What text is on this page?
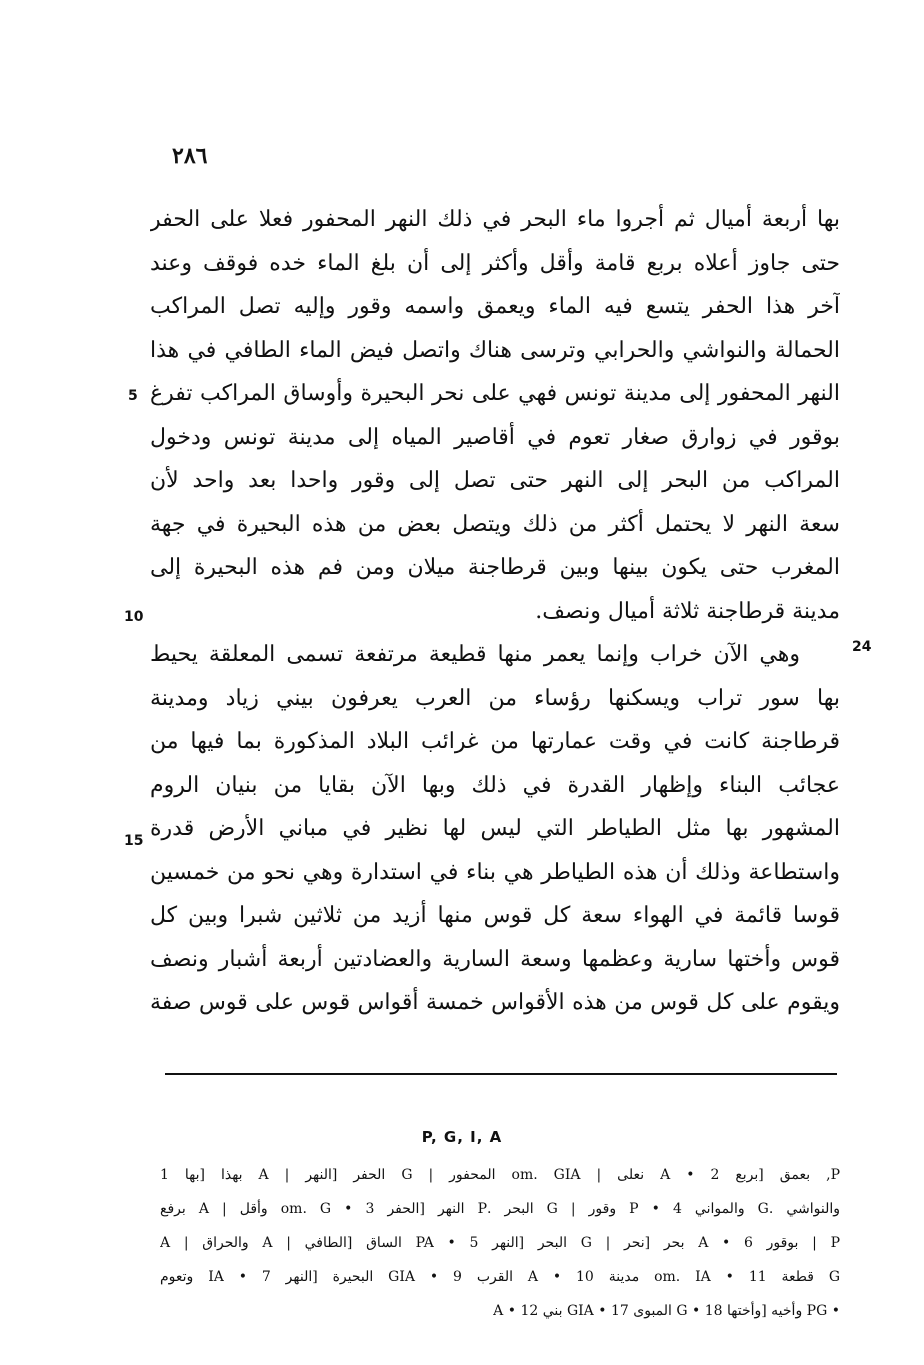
٢٨٦
بها أربعة أميال ثم أجروا ماء البحر في ذلك النهر المحفور فعلا على الحفر
حتى جاوز أعلاه بربع قامة وأقل وأكثر إلى أن بلغ الماء خده فوقف وعند
آخر هذا الحفر يتسع فيه الماء ويعمق واسمه وقور وإليه تصل المراكب
الحمالة والنواشي والحرابي وترسى هناك واتصل فيض الماء الطافي في هذا
النهر المحفور إلى مدينة تونس فهي على نحر البحيرة وأوساق المراكب تفرغ
بوقور في زوارق صغار تعوم في أقاصير المياه إلى مدينة تونس ودخول
المراكب من البحر إلى النهر حتى تصل إلى وقور واحدا بعد واحد لأن
سعة النهر لا يحتمل أكثر من ذلك ويتصل بعض من هذه البحيرة في جهة
المغرب حتى يكون بينها وبين قرطاجنة ميلان ومن فم هذه البحيرة إلى
مدينة قرطاجنة ثلاثة أميال ونصف.
وهي الآن خراب وإنما يعمر منها قطيعة مرتفعة تسمى المعلقة يحيط
بها سور تراب ويسكنها رؤساء من العرب يعرفون بيني زياد ومدينة
قرطاجنة كانت في وقت عمارتها من غرائب البلاد المذكورة بما فيها من
عجائب البناء وإظهار القدرة في ذلك وبها الآن بقايا من بنيان الروم
المشهور بها مثل الطياطر التي ليس لها نظير في مباني الأرض قدرة
واستطاعة وذلك أن هذه الطياطر هي بناء في استدارة وهي نحو من خمسين
قوسا قائمة في الهواء سعة كل قوس منها أزيد من ثلاثين شبرا وبين كل
قوس وأختها سارية وعظمها وسعة السارية والعضادتين أربعة أشبار ونصف
ويقوم على كل قوس من هذه الأقواس خمسة أقواس قوس على قوس صفة
5
10
15
24
P, G, I, A
P, بعمق [بربع 2 • A نعلى | om. GIA المحفور | G الحفر [النهر | A بهذا [بها 1
والنواشي .G والمواني 4 • P وقور | G البحر .P النهر [الحفر 3 • om. G وأقل | A برفع
P | بوقور 6 • A بحر [نحر | G البحر [النهر 5 • PA الساق [الطافي | A والحراق | A
G قطعة 11 • om. IA مدينة 10 • A القرب 9 • GIA البحيرة [النهر 7 • IA وتعوم
• PG وأخيه [وأختها 18 • G المبوى 17 • GIA بني 12 • A
